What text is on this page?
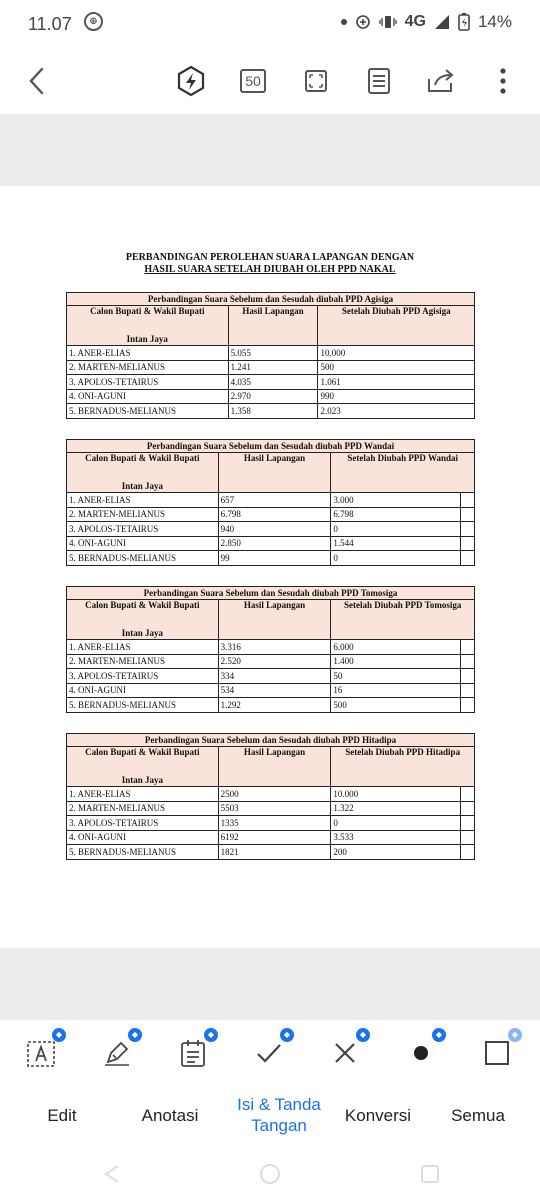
11.07	⊕	4G	14%
50
PERBANDINGAN PEROLEHAN SUARA LAPANGAN DENGAN
HASIL SUARA SETELAH DIUBAH OLEH PPD NAKAL
Perbandingan Suara Sebelum dan Sesudah diubah PPD Agisiga		
Calon Bupati & Wakil Bupati
Intan Jaya	Hasil Lapangan	Setelah Diubah PPD Agisiga
1. ANER-ELIAS	5.055	10.000
2. MARTEN-MELIANUS	1.241	500
3. APOLOS-TETAIRUS	4.035	1.061
4. ONI-AGUNI	2.970	990
5. BERNADUS-MELIANUS	1.358	2.023
Perbandingan Suara Sebelum dan Sesudah diubah PPD Wandai			
Calon Bupati & Wakil Bupati
Intan Jaya	Hasil Lapangan	Setelah Diubah PPD Wandai	
1. ANER-ELIAS	657	3.000	
2. MARTEN-MELIANUS	6.798	6.798	
3. APOLOS-TETAIRUS	940	0	
4. ONI-AGUNI	2.850	1.544	
5. BERNADUS-MELIANUS	99	0	
Perbandingan Suara Sebelum dan Sesudah diubah PPD Tomosiga			
Calon Bupati & Wakil Bupati
Intan Jaya	Hasil Lapangan	Setelah Diubah PPD Tomosiga	
1. ANER-ELIAS	3.316	6.000	
2. MARTEN-MELIANUS	2.520	1.400	
3. APOLOS-TETAIRUS	334	50	
4. ONI-AGUNI	534	16	
5. BERNADUS-MELIANUS	1.292	500	
Perbandingan Suara Sebelum dan Sesudah diubah PPD Hitadipa			
Calon Bupati & Wakil Bupati
Intan Jaya	Hasil Lapangan	Setelah Diubah PPD Hitadipa	
1. ANER-ELIAS	2500	10.000	
2. MARTEN-MELIANUS	5503	1.322	
3. APOLOS-TETAIRUS	1335	0	
4. ONI-AGUNI	6192	3.533	
5. BERNADUS-MELIANUS	1821	200	
◆	◆	◆	◆	◆	◆	◆
Edit	Anotasi
Isi & Tanda Tangan
Konversi	Semua
